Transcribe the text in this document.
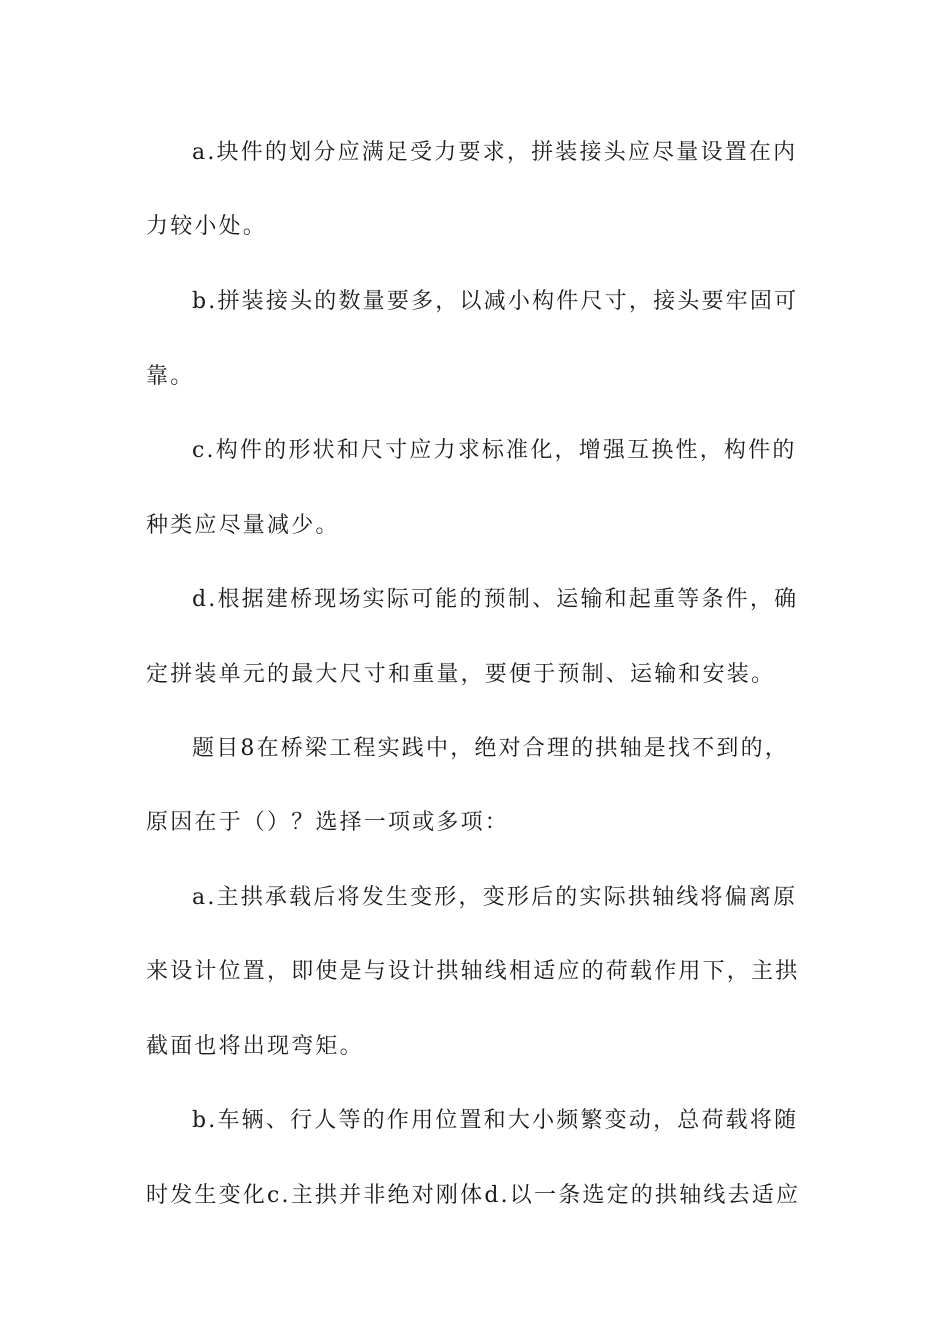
a.块件的划分应满足受力要求，拼装接头应尽量设置在内
力较小处。
b.拼装接头的数量要多，以减小构件尺寸，接头要牢固可
靠。
c.构件的形状和尺寸应力求标准化，增强互换性，构件的
种类应尽量减少。
d.根据建桥现场实际可能的预制、运输和起重等条件，确
定拼装单元的最大尺寸和重量，要便于预制、运输和安装。
题目8在桥梁工程实践中，绝对合理的拱轴是找不到的，
原因在于（）？选择一项或多项：
a.主拱承载后将发生变形，变形后的实际拱轴线将偏离原
来设计位置，即使是与设计拱轴线相适应的荷载作用下，主拱
截面也将出现弯矩。
b.车辆、行人等的作用位置和大小频繁变动，总荷载将随
时发生变化c.主拱并非绝对刚体d.以一条选定的拱轴线去适应
